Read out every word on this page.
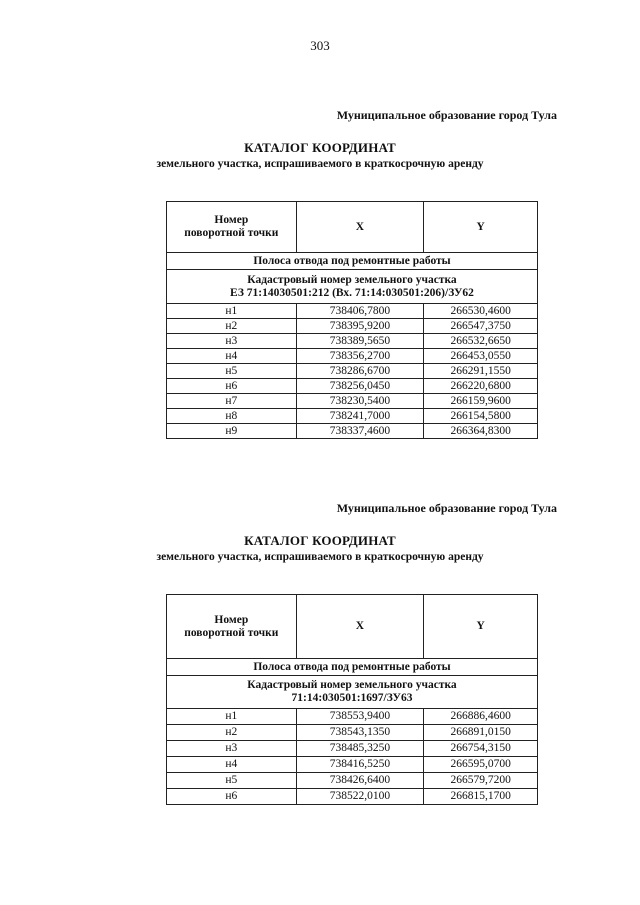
303
Муниципальное образование город Тула
КАТАЛОГ КООРДИНАТ
земельного участка, испрашиваемого в краткосрочную аренду
Номер
поворотной точки	X	Y
Полоса отвода под ремонтные работы		

Кадастровый номер земельного участка
ЕЗ 71:14030501:212 (Вх. 71:14:030501:206)/ЗУ62		

н1	738406,7800	266530,4600
н2	738395,9200	266547,3750
н3	738389,5650	266532,6650
н4	738356,2700	266453,0550
н5	738286,6700	266291,1550
н6	738256,0450	266220,6800
н7	738230,5400	266159,9600
н8	738241,7000	266154,5800
н9	738337,4600	266364,8300
Муниципальное образование город Тула
КАТАЛОГ КООРДИНАТ
земельного участка, испрашиваемого в краткосрочную аренду
Номер
поворотной точки	X	Y
Полоса отвода под ремонтные работы		

Кадастровый номер земельного участка
71:14:030501:1697/ЗУ63		

н1	738553,9400	266886,4600
н2	738543,1350	266891,0150
н3	738485,3250	266754,3150
н4	738416,5250	266595,0700
н5	738426,6400	266579,7200
н6	738522,0100	266815,1700
